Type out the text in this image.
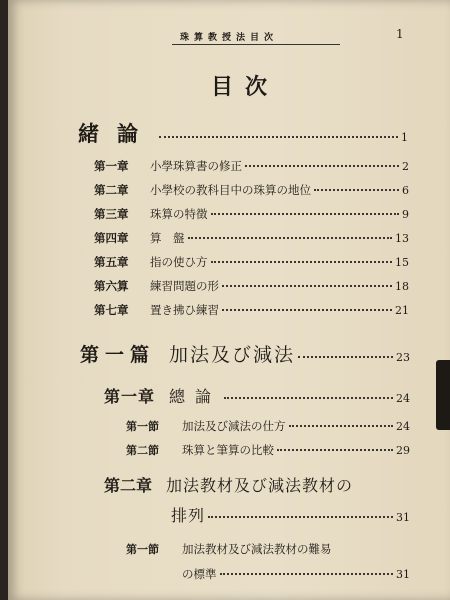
珠算教授法目次	1
目次
緒論	1
第一章	小學珠算書の修正	2
第二章	小學校の教科目中の珠算の地位	6
第三章	珠算の特徴	9
第四章	算　盤	13
第五章	指の使ひ方	15
第六算	練習問題の形	18
第七章	置き拂ひ練習	21
第一篇 加法及び減法	23
第一章 總論	24
第一節	加法及び減法の仕方	24
第二節	珠算と筆算の比較	29
第二章 加法教材及び減法教材の
排列	31
第一節	加法教材及び減法教材の難易
の標準	31
